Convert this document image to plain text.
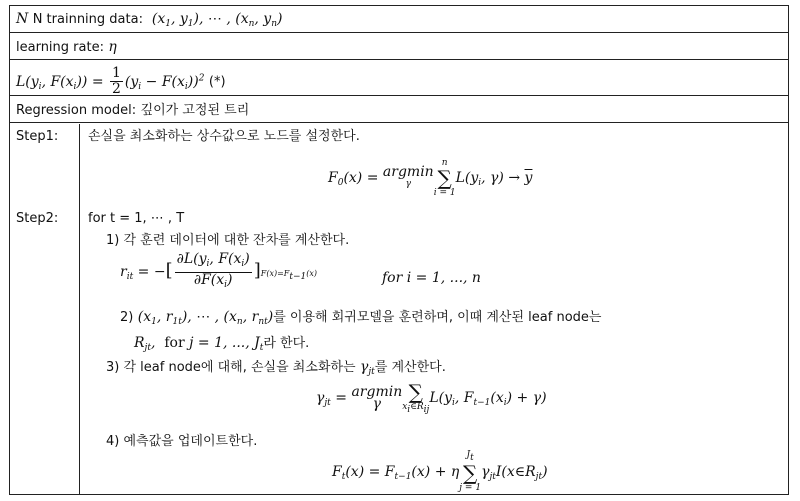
N N trainning data:  ($x_1$, $y_1$), ⋯ , ($x_n$, $y_n$)
learning rate: η
$L(y_i$, $F(x_i)) = \frac{1}{2} (y_i - F(x_i))^2$ (*)
Regression model: 깊이가 고정된 트리
Step1: 손실을 최소화하는 상수값으로 노드를 설정한다.
$F_0(x) = argmin$
γ
n
∑
i = 1
$L(y_i$, $\gamma) \to \overline{y}$
Step2: for t = 1, ⋯ , T
1) 각 훈련 데이터에 대한 잔차를 계산한다.
$r_{it}$ = −[ $\frac{\partial L(y_i, F(x_i)}{\partial F(x_i)} ]F(x)=F_{t-1}(x)$	for i = 1, ..., n
2) ($x_1$, $r_{1t}$), ⋯ , ($x_n$, $r_{nt}$)를 이용해 회귀모델을 훈련하며, 이때 계산된 leaf node는
$R_{jt}$,  for j = 1, ..., $J_t$라 한다.
3) 각 leaf node에 대해, 손실을 최소화하는 $\gamma_{jt}$를 계산한다.
$\gamma_{jt} = argmin$
γ
∑
$x_i\in R_{ij}$
$L(y_i$, $F_{t-1}(x_i) + \gamma$)
4) 예측값을 업데이트한다.
$F_t(x) = F_{t-1}(x) + \eta$
$J_t$
∑
j = 1
$\gamma_{jt}I(x\in R_{jt})$
